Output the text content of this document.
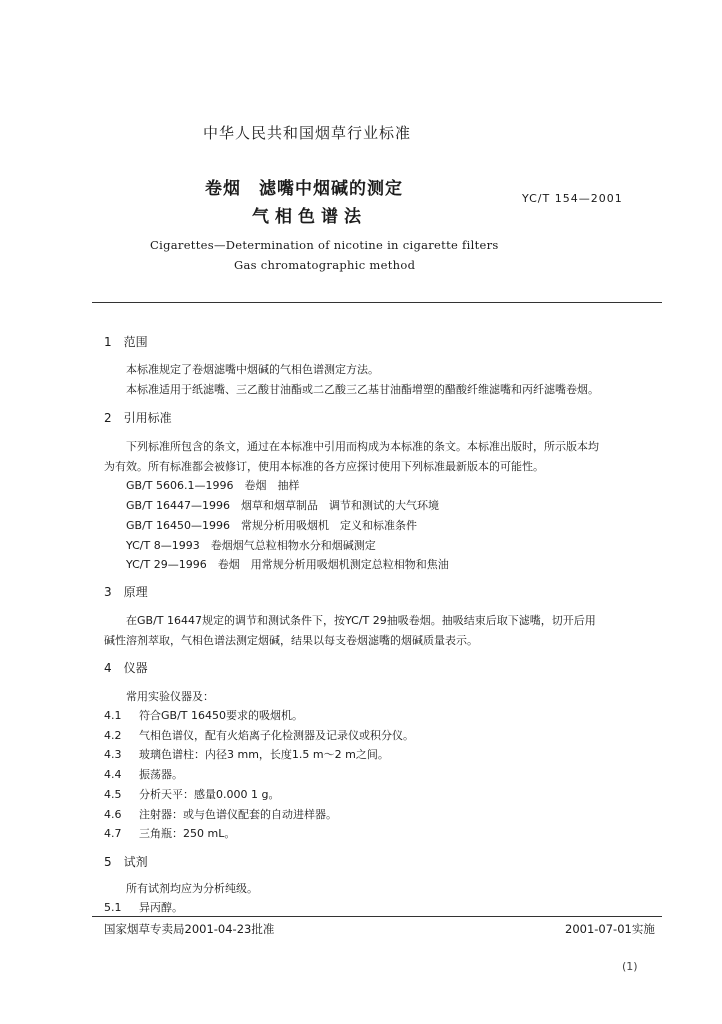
中华人民共和国烟草行业标准
卷烟　滤嘴中烟碱的测定
气相色谱法
YC/T 154—2001
Cigarettes—Determination of nicotine in cigarette filters
Gas chromatographic method
1　范围
本标准规定了卷烟滤嘴中烟碱的气相色谱测定方法。
本标准适用于纸滤嘴、三乙酸甘油酯或二乙酸三乙基甘油酯增塑的醋酸纤维滤嘴和丙纤滤嘴卷烟。
2　引用标准
下列标准所包含的条文，通过在本标准中引用而构成为本标准的条文。本标准出版时，所示版本均
为有效。所有标准都会被修订，使用本标准的各方应探讨使用下列标准最新版本的可能性。
GB/T 5606.1—1996　卷烟　抽样
GB/T 16447—1996　烟草和烟草制品　调节和测试的大气环境
GB/T 16450—1996　常规分析用吸烟机　定义和标准条件
YC/T 8—1993　卷烟烟气总粒相物水分和烟碱测定
YC/T 29—1996　卷烟　用常规分析用吸烟机测定总粒相物和焦油
3　原理
在GB/T 16447规定的调节和测试条件下，按YC/T 29抽吸卷烟。抽吸结束后取下滤嘴，切开后用
碱性溶剂萃取，气相色谱法测定烟碱，结果以每支卷烟滤嘴的烟碱质量表示。
4　仪器
常用实验仪器及：
4.1 符合GB/T 16450要求的吸烟机。
4.2 气相色谱仪，配有火焰离子化检测器及记录仪或积分仪。
4.3 玻璃色谱柱：内径3 mm，长度1.5 m～2 m之间。
4.4 振荡器。
4.5 分析天平：感量0.000 1 g。
4.6 注射器：或与色谱仪配套的自动进样器。
4.7 三角瓶：250 mL。
5　试剂
所有试剂均应为分析纯级。
5.1 异丙醇。
国家烟草专卖局2001-04-23批准	2001-07-01实施
(1)
